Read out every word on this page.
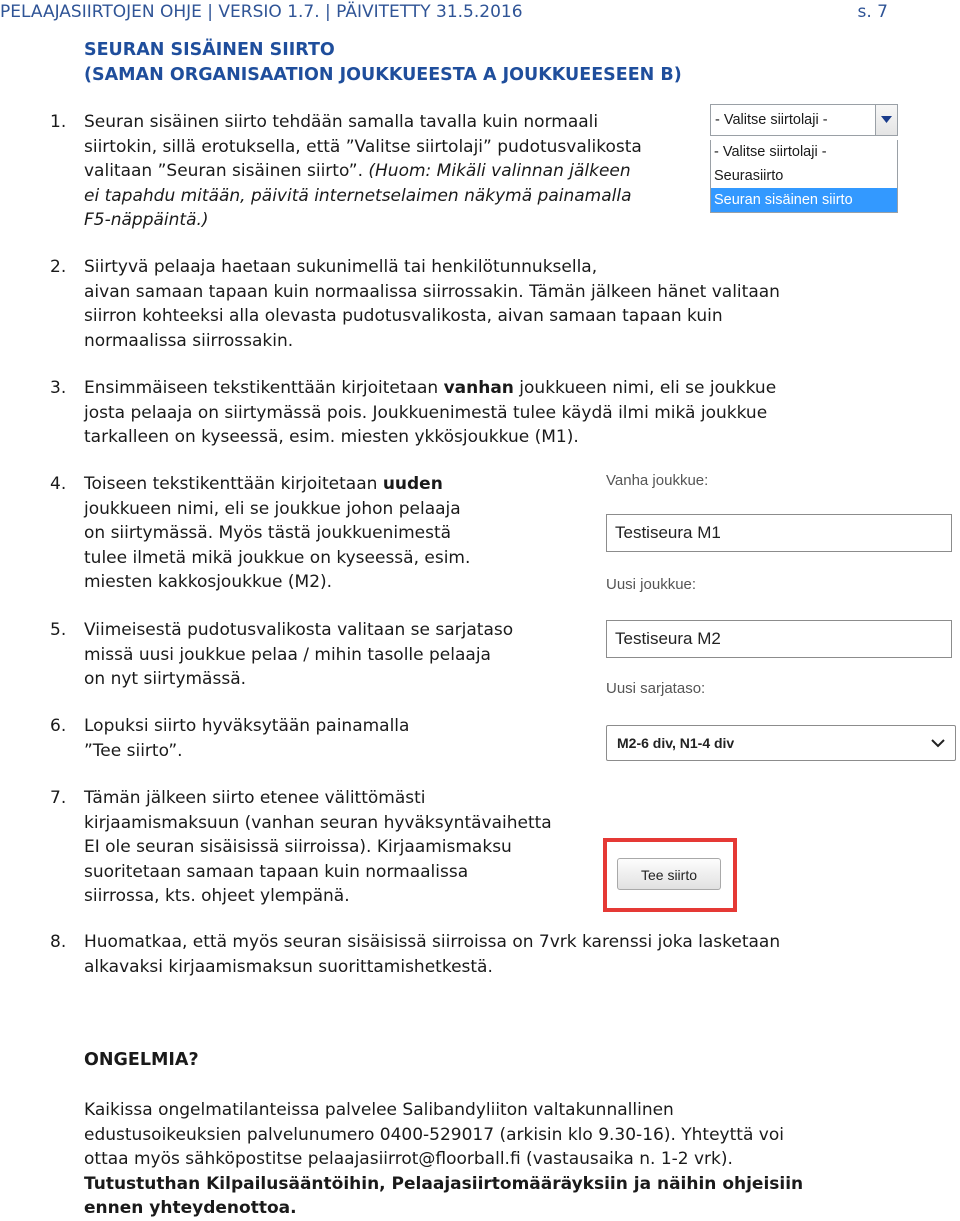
PELAAJASIIRTOJEN OHJE | VERSIO 1.7. | PÄIVITETTY 31.5.2016	s. 7
SEURAN SISÄINEN SIIRTO
(SAMAN ORGANISAATION JOUKKUEESTA A JOUKKUEESEEN B)
1. Seuran sisäinen siirto tehdään samalla tavalla kuin normaali

siirtokin, sillä erotuksella, että ”Valitse siirtolaji” pudotusvalikosta

valitaan ”Seuran sisäinen siirto”. (Huom: Mikäli valinnan jälkeen

ei tapahdu mitään, päivitä internetselaimen näkymä painamalla

F5-näppäintä.)

- Valitse siirtolaji -
- Valitse siirtolaji -
Seurasiirto
Seuran sisäinen siirto
2. Siirtyvä pelaaja haetaan sukunimellä tai henkilötunnuksella,

aivan samaan tapaan kuin normaalissa siirrossakin. Tämän jälkeen hänet valitaan

siirron kohteeksi alla olevasta pudotusvalikosta, aivan samaan tapaan kuin

normaalissa siirrossakin.

3. Ensimmäiseen tekstikenttään kirjoitetaan vanhan joukkueen nimi, eli se joukkue

josta pelaaja on siirtymässä pois. Joukkuenimestä tulee käydä ilmi mikä joukkue

tarkalleen on kyseessä, esim. miesten ykkösjoukkue (M1).

4. Toiseen tekstikenttään kirjoitetaan uuden

joukkueen nimi, eli se joukkue johon pelaaja

on siirtymässä. Myös tästä joukkuenimestä

tulee ilmetä mikä joukkue on kyseessä, esim.

miesten kakkosjoukkue (M2).

Vanha joukkue:
Testiseura M1
Uusi joukkue:
Testiseura M2
Uusi sarjataso:
M2-6 div, N1-4 div
5. Viimeisestä pudotusvalikosta valitaan se sarjataso

missä uusi joukkue pelaa / mihin tasolle pelaaja

on nyt siirtymässä.

6. Lopuksi siirto hyväksytään painamalla

”Tee siirto”.

7. Tämän jälkeen siirto etenee välittömästi

kirjaamismaksuun (vanhan seuran hyväksyntävaihetta

EI ole seuran sisäisissä siirroissa). Kirjaamismaksu

suoritetaan samaan tapaan kuin normaalissa

siirrossa, kts. ohjeet ylempänä.

Tee siirto
8. Huomatkaa, että myös seuran sisäisissä siirroissa on 7vrk karenssi joka lasketaan

alkavaksi kirjaamismaksun suorittamishetkestä.

ONGELMIA?

Kaikissa ongelmatilanteissa palvelee Salibandyliiton valtakunnallinen

edustusoikeuksien palvelunumero 0400-529017 (arkisin klo 9.30-16). Yhteyttä voi

ottaa myös sähköpostitse pelaajasiirrot@floorball.fi (vastausaika n. 1-2 vrk).

Tutustuthan Kilpailusääntöihin, Pelaajasiirtomääräyksiin ja näihin ohjeisiin

ennen yhteydenottoa.
